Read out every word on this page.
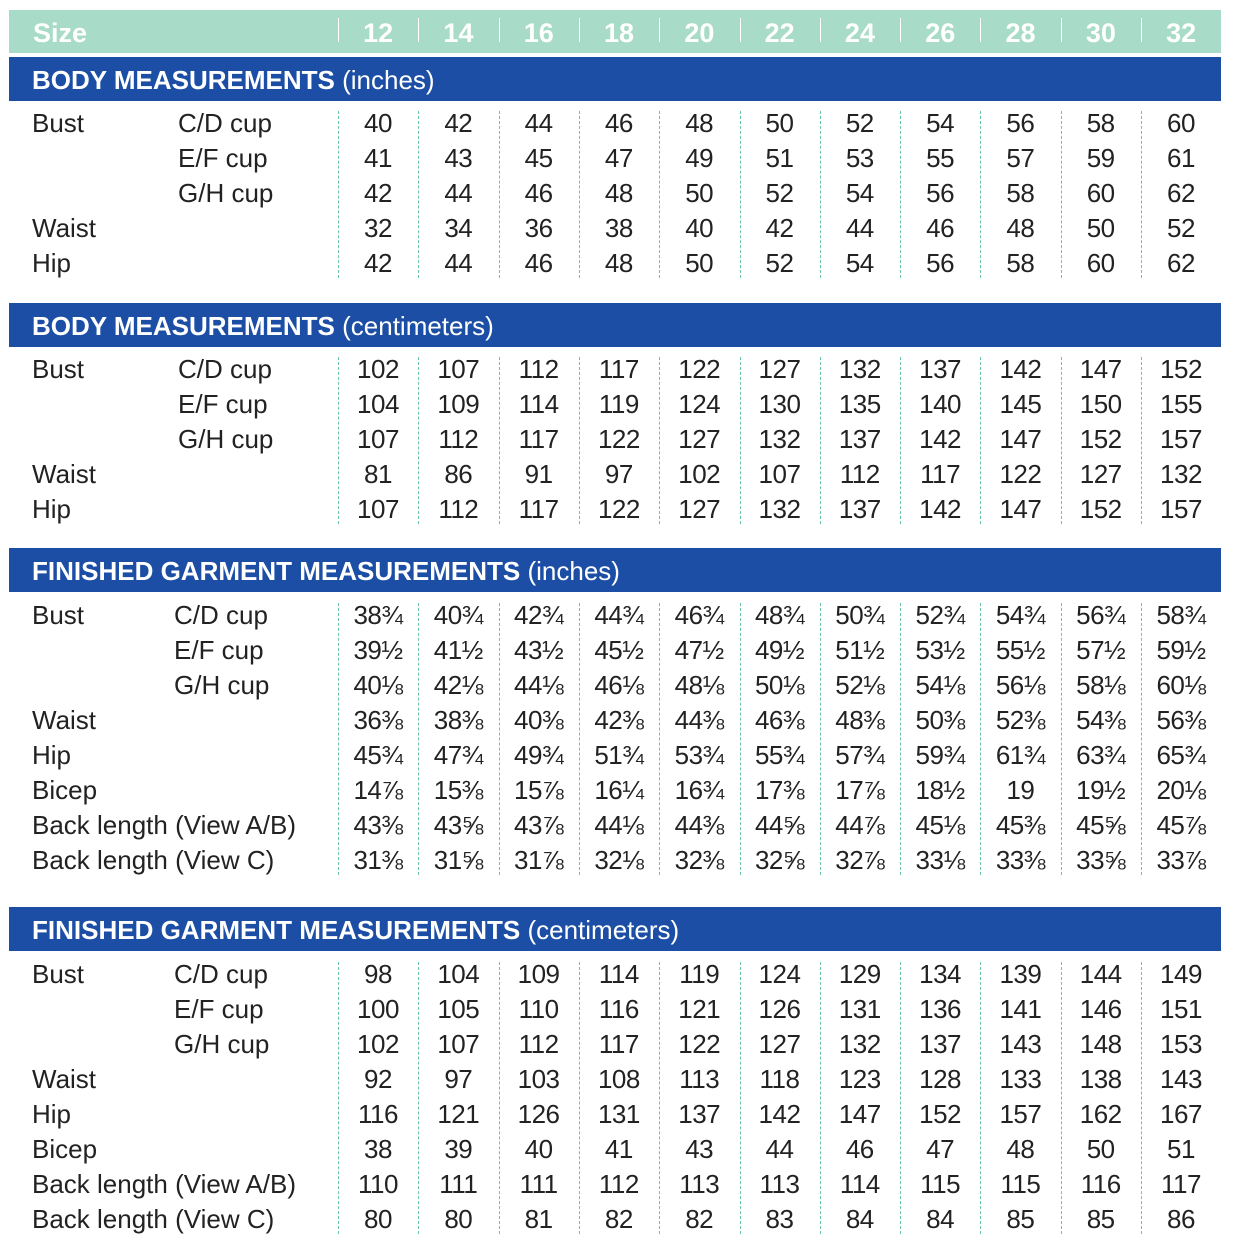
Size	12	14	16	18	20	22	24	26	28	30	32
BODY MEASUREMENTS (inches)
Bust	C/D cup	40	42	44	46	48	50	52	54	56	58	60
E/F cup	41	43	45	47	49	51	53	55	57	59	61
G/H cup	42	44	46	48	50	52	54	56	58	60	62
Waist	32	34	36	38	40	42	44	46	48	50	52
Hip	42	44	46	48	50	52	54	56	58	60	62
BODY MEASUREMENTS (centimeters)
Bust	C/D cup	102	107	112	117	122	127	132	137	142	147	152
E/F cup	104	109	114	119	124	130	135	140	145	150	155
G/H cup	107	112	117	122	127	132	137	142	147	152	157
Waist	81	86	91	97	102	107	112	117	122	127	132
Hip	107	112	117	122	127	132	137	142	147	152	157
FINISHED GARMENT MEASUREMENTS (inches)
Bust	C/D cup	38¾	40¾	42¾	44¾	46¾	48¾	50¾	52¾	54¾	56¾	58¾
E/F cup	39½	41½	43½	45½	47½	49½	51½	53½	55½	57½	59½
G/H cup	40⅛	42⅛	44⅛	46⅛	48⅛	50⅛	52⅛	54⅛	56⅛	58⅛	60⅛
Waist	36⅜	38⅜	40⅜	42⅜	44⅜	46⅜	48⅜	50⅜	52⅜	54⅜	56⅜
Hip	45¾	47¾	49¾	51¾	53¾	55¾	57¾	59¾	61¾	63¾	65¾
Bicep	14⅞	15⅜	15⅞	16¼	16¾	17⅜	17⅞	18½	19	19½	20⅛
Back length (View A/B)	43⅜	43⅝	43⅞	44⅛	44⅜	44⅝	44⅞	45⅛	45⅜	45⅝	45⅞
Back length (View C)	31⅜	31⅝	31⅞	32⅛	32⅜	32⅝	32⅞	33⅛	33⅜	33⅝	33⅞
FINISHED GARMENT MEASUREMENTS (centimeters)
Bust	C/D cup	98	104	109	114	119	124	129	134	139	144	149
E/F cup	100	105	110	116	121	126	131	136	141	146	151
G/H cup	102	107	112	117	122	127	132	137	143	148	153
Waist	92	97	103	108	113	118	123	128	133	138	143
Hip	116	121	126	131	137	142	147	152	157	162	167
Bicep	38	39	40	41	43	44	46	47	48	50	51
Back length (View A/B)	110	111	111	112	113	113	114	115	115	116	117
Back length (View C)	80	80	81	82	82	83	84	84	85	85	86
